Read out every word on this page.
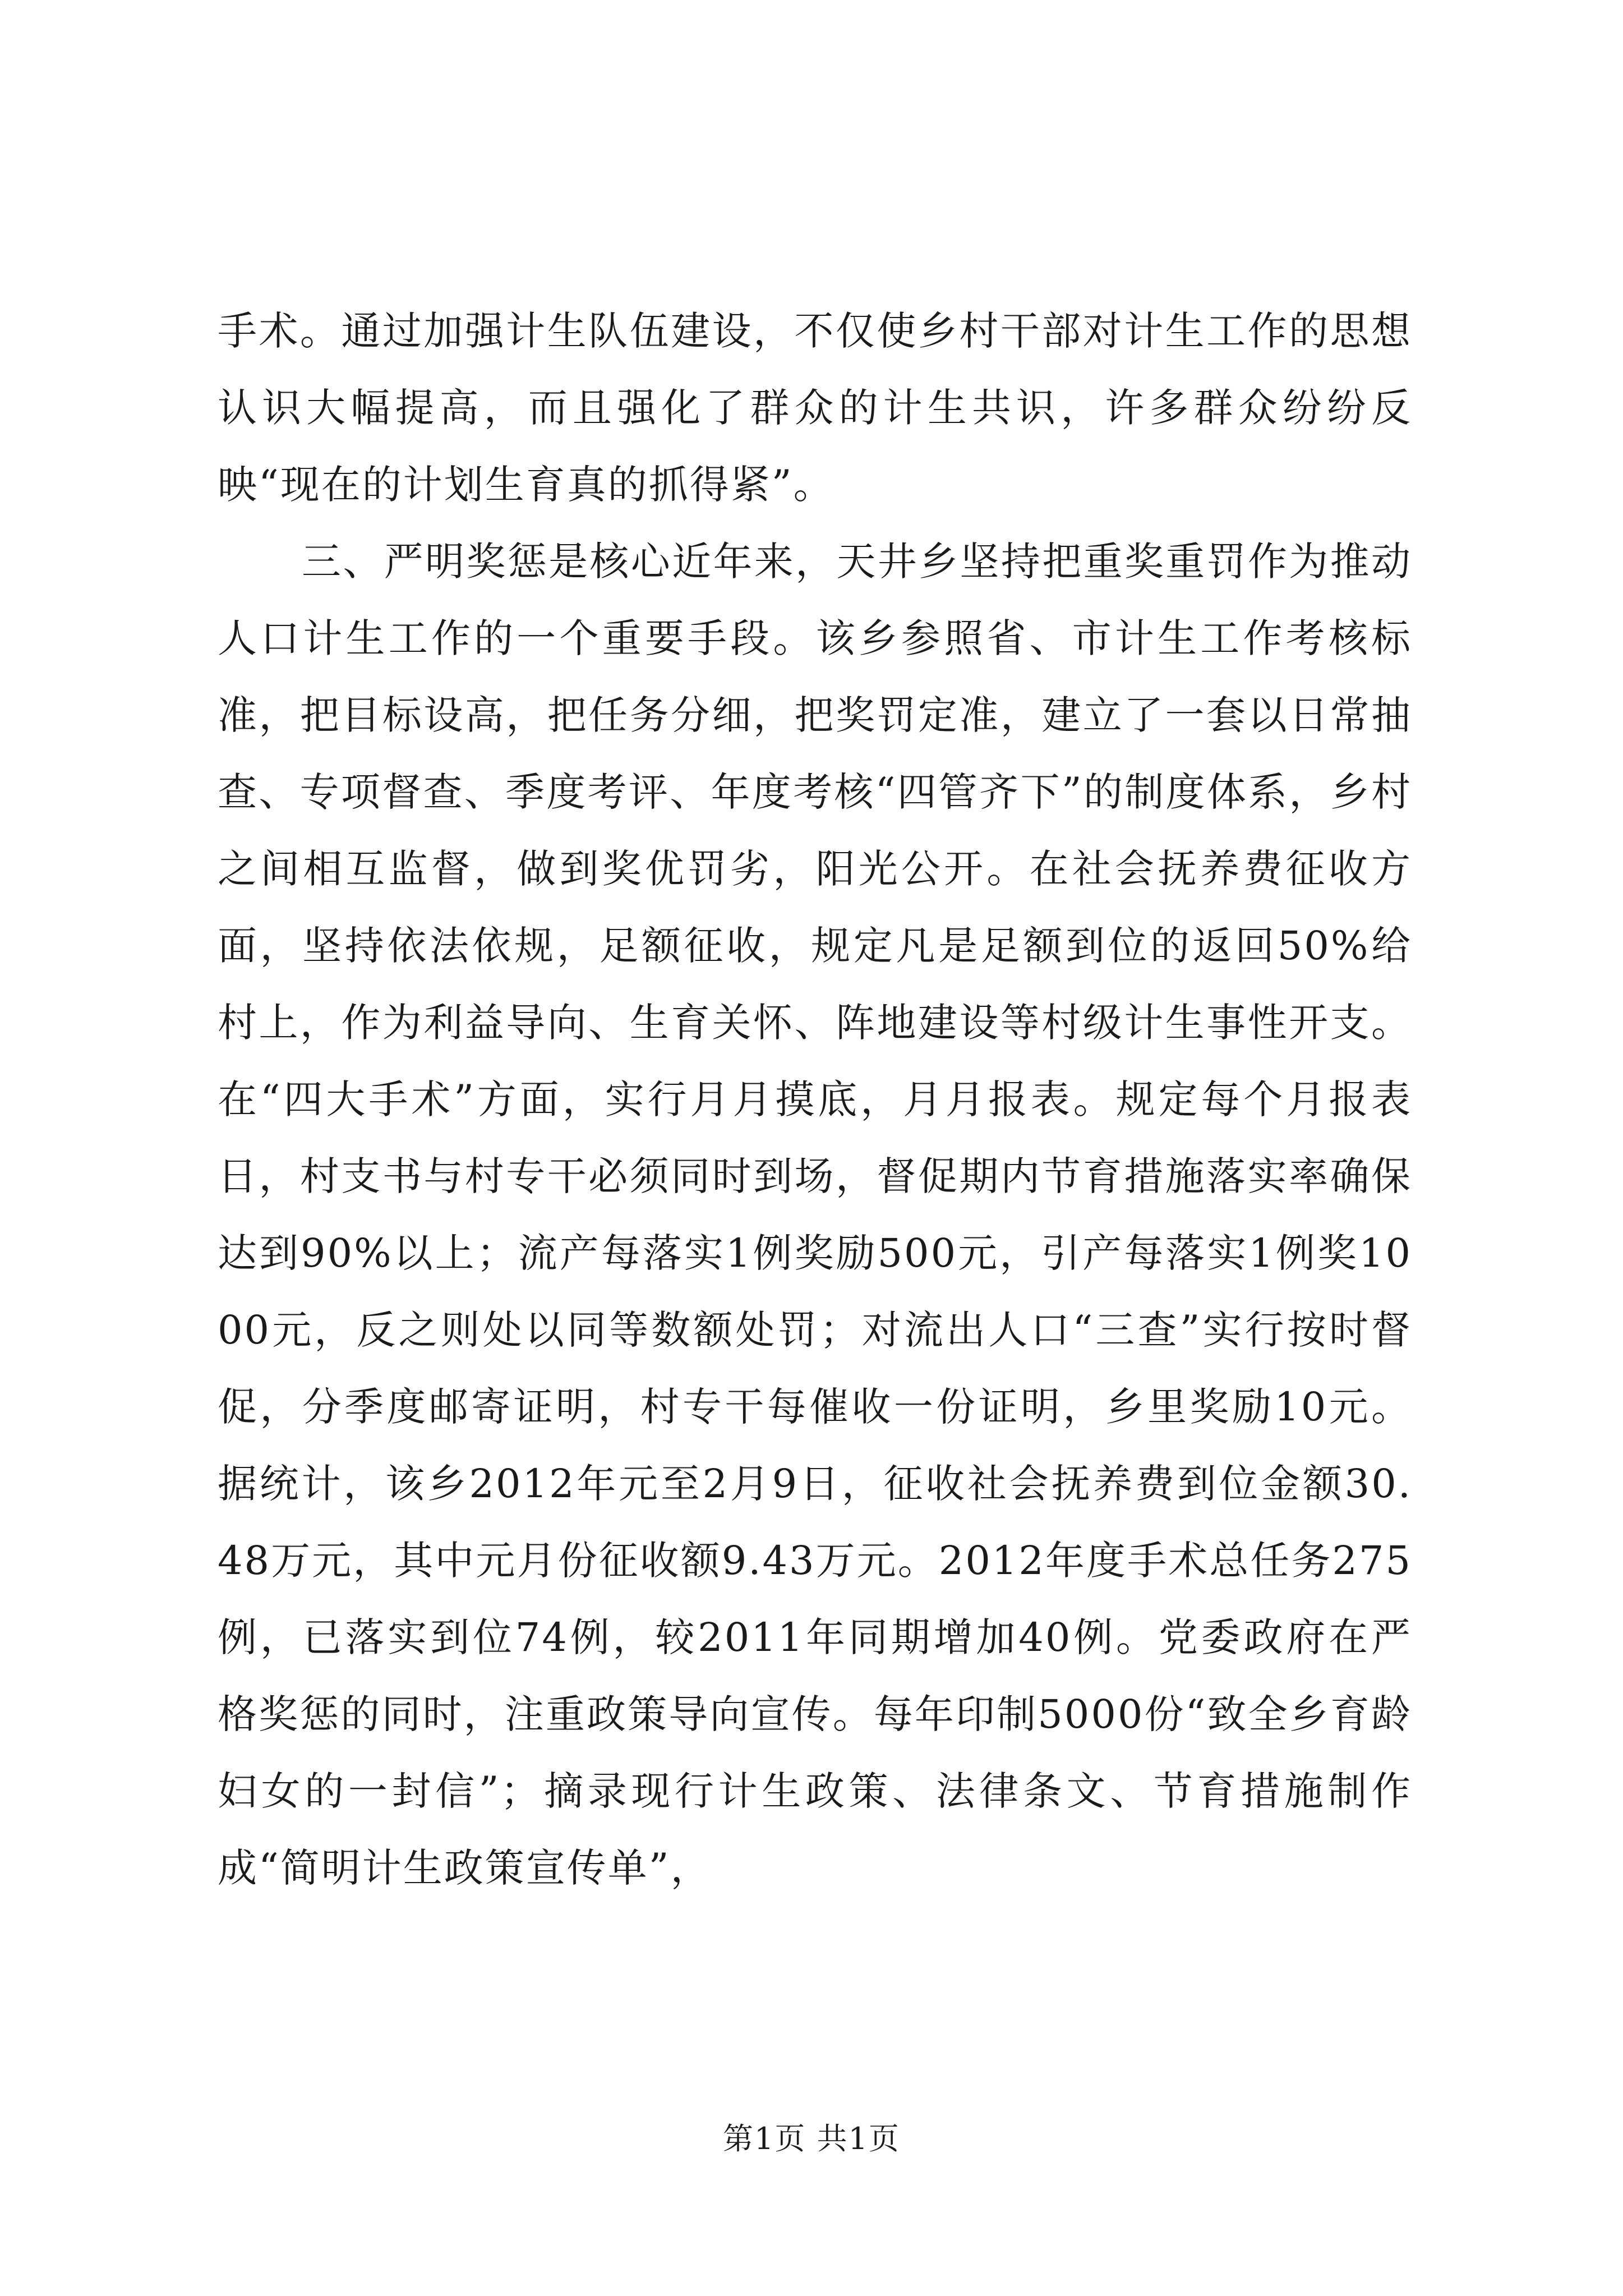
手术。通过加强计生队伍建设，不仅使乡村干部对计生工作的思想认识大幅提高，而且强化了群众的计生共识，许多群众纷纷反映“现在的计划生育真的抓得紧”。

三、严明奖惩是核心近年来，天井乡坚持把重奖重罚作为推动人口计生工作的一个重要手段。该乡参照省、市计生工作考核标准，把目标设高，把任务分细，把奖罚定准，建立了一套以日常抽查、专项督查、季度考评、年度考核“四管齐下”的制度体系，乡村之间相互监督，做到奖优罚劣，阳光公开。在社会抚养费征收方面，坚持依法依规，足额征收，规定凡是足额到位的返回50%给村上，作为利益导向、生育关怀、阵地建设等村级计生事性开支。在“四大手术”方面，实行月月摸底，月月报表。规定每个月报表日，村支书与村专干必须同时到场，督促期内节育措施落实率确保达到90%以上；流产每落实1例奖励500元，引产每落实1例奖1000元，反之则处以同等数额处罚；对流出人口“三查”实行按时督促，分季度邮寄证明，村专干每催收一份证明，乡里奖励10元。据统计，该乡2012年元至2月9日，征收社会抚养费到位金额30.48万元，其中元月份征收额9.43万元。2012年度手术总任务275例，已落实到位74例，较2011年同期增加40例。党委政府在严格奖惩的同时，注重政策导向宣传。每年印制5000份“致全乡育龄妇女的一封信”；摘录现行计生政策、法律条文、节育措施制作成“简明计生政策宣传单”，

第1页 共1页
